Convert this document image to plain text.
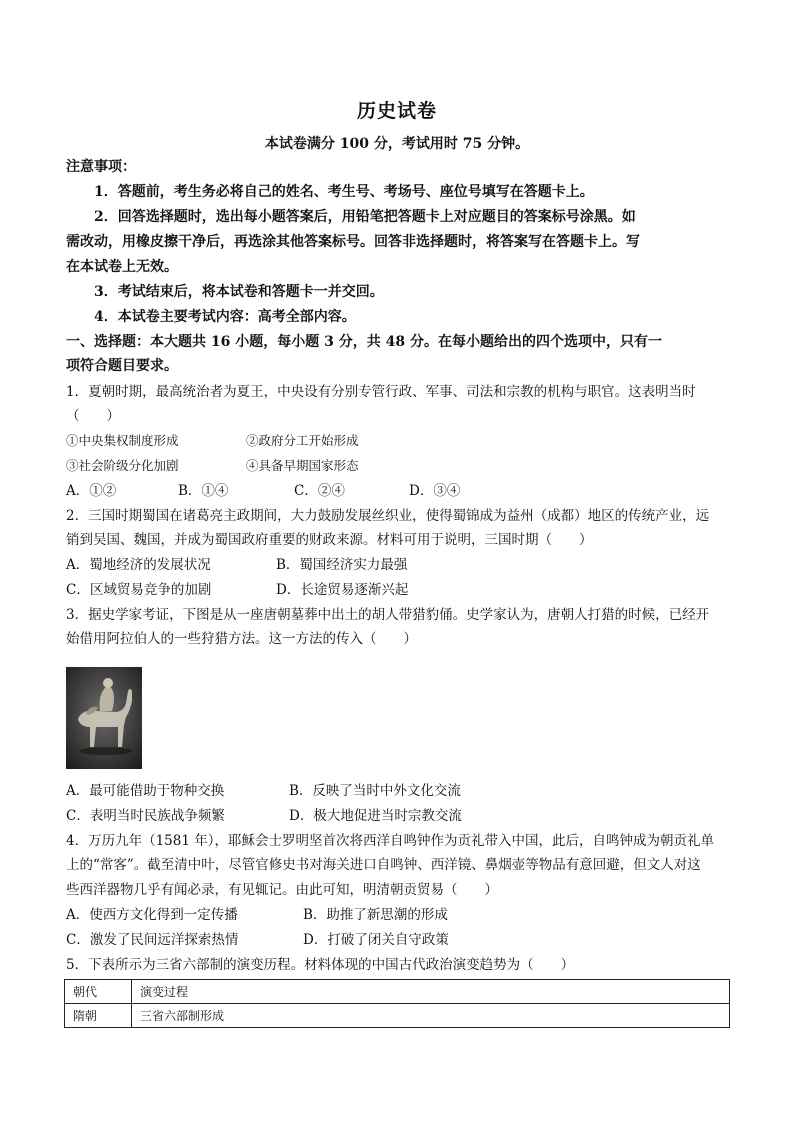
历史试卷
本试卷满分 100 分，考试用时 75 分钟。
注意事项：
1．答题前，考生务必将自己的姓名、考生号、考场号、座位号填写在答题卡上。
2．回答选择题时，选出每小题答案后，用铅笔把答题卡上对应题目的答案标号涂黑。如
需改动，用橡皮擦干净后，再选涂其他答案标号。回答非选择题时，将答案写在答题卡上。写
在本试卷上无效。
3．考试结束后，将本试卷和答题卡一并交回。
4．本试卷主要考试内容：高考全部内容。
一、选择题：本大题共 16 小题，每小题 3 分，共 48 分。在每小题给出的四个选项中，只有一
项符合题目要求。
1．夏朝时期，最高统治者为夏王，中央设有分别专管行政、军事、司法和宗教的机构与职官。这表明当时
（　　）
①中央集权制度形成	②政府分工开始形成
③社会阶级分化加剧	④具备早期国家形态
A．①②	B．①④	C．②④	D．③④
2．三国时期蜀国在诸葛亮主政期间，大力鼓励发展丝织业，使得蜀锦成为益州（成都）地区的传统产业，远
销到吴国、魏国，并成为蜀国政府重要的财政来源。材料可用于说明，三国时期（　　）
A．蜀地经济的发展状况	B．蜀国经济实力最强
C．区域贸易竞争的加剧	D．长途贸易逐渐兴起
3．据史学家考证，下图是从一座唐朝墓葬中出土的胡人带猎豹俑。史学家认为，唐朝人打猎的时候，已经开
始借用阿拉伯人的一些狩猎方法。这一方法的传入（　　）
A．最可能借助于物种交换	B．反映了当时中外文化交流
C．表明当时民族战争频繁	D．极大地促进当时宗教交流
4．万历九年（1581 年），耶稣会士罗明坚首次将西洋自鸣钟作为贡礼带入中国，此后，自鸣钟成为朝贡礼单
上的“常客”。截至清中叶，尽管官修史书对海关进口自鸣钟、西洋镜、鼻烟壶等物品有意回避，但文人对这
些西洋器物几乎有闻必录，有见辄记。由此可知，明清朝贡贸易（　　）
A．使西方文化得到一定传播	B．助推了新思潮的形成
C．激发了民间远洋探索热情	D．打破了闭关自守政策
5．下表所示为三省六部制的演变历程。材料体现的中国古代政治演变趋势为（　　）
朝代	演变过程
隋朝	三省六部制形成
